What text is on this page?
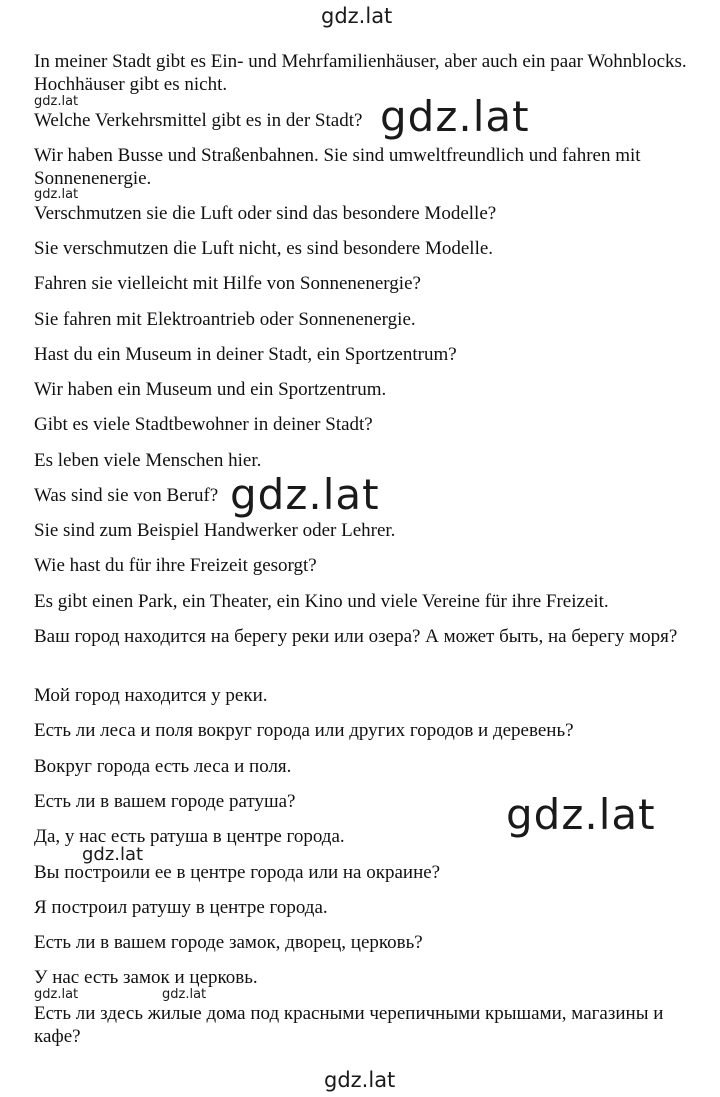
gdz.lat
In meiner Stadt gibt es Ein- und Mehrfamilienhäuser, aber auch ein paar Wohnblocks. Hochhäuser gibt es nicht.
gdz.lat
Welche Verkehrsmittel gibt es in der Stadt? gdz.lat
Wir haben Busse und Straßenbahnen. Sie sind umweltfreundlich und fahren mit Sonnenenergie.
gdz.lat
Verschmutzen sie die Luft oder sind das besondere Modelle?
Sie verschmutzen die Luft nicht, es sind besondere Modelle.
Fahren sie vielleicht mit Hilfe von Sonnenenergie?
Sie fahren mit Elektroantrieb oder Sonnenenergie.
Hast du ein Museum in deiner Stadt, ein Sportzentrum?
Wir haben ein Museum und ein Sportzentrum.
Gibt es viele Stadtbewohner in deiner Stadt?
Es leben viele Menschen hier.
Was sind sie von Beruf? gdz.lat
Sie sind zum Beispiel Handwerker oder Lehrer.
Wie hast du für ihre Freizeit gesorgt?
Es gibt einen Park, ein Theater, ein Kino und viele Vereine für ihre Freizeit.
Ваш город находится на берегу реки или озера? А может быть, на берегу моря?
Мой город находится у реки.
Есть ли леса и поля вокруг города или других городов и деревень?
Вокруг города есть леса и поля.
Есть ли в вашем городе ратуша?	gdz.lat
Да, у нас есть ратуша в центре города.
gdz.lat
Вы построили ее в центре города или на окраине?
Я построил ратушу в центре города.
Есть ли в вашем городе замок, дворец, церковь?
У нас есть замок и церковь.
gdz.lat	gdz.lat
Есть ли здесь жилые дома под красными черепичными крышами, магазины и кафе?
gdz.lat
